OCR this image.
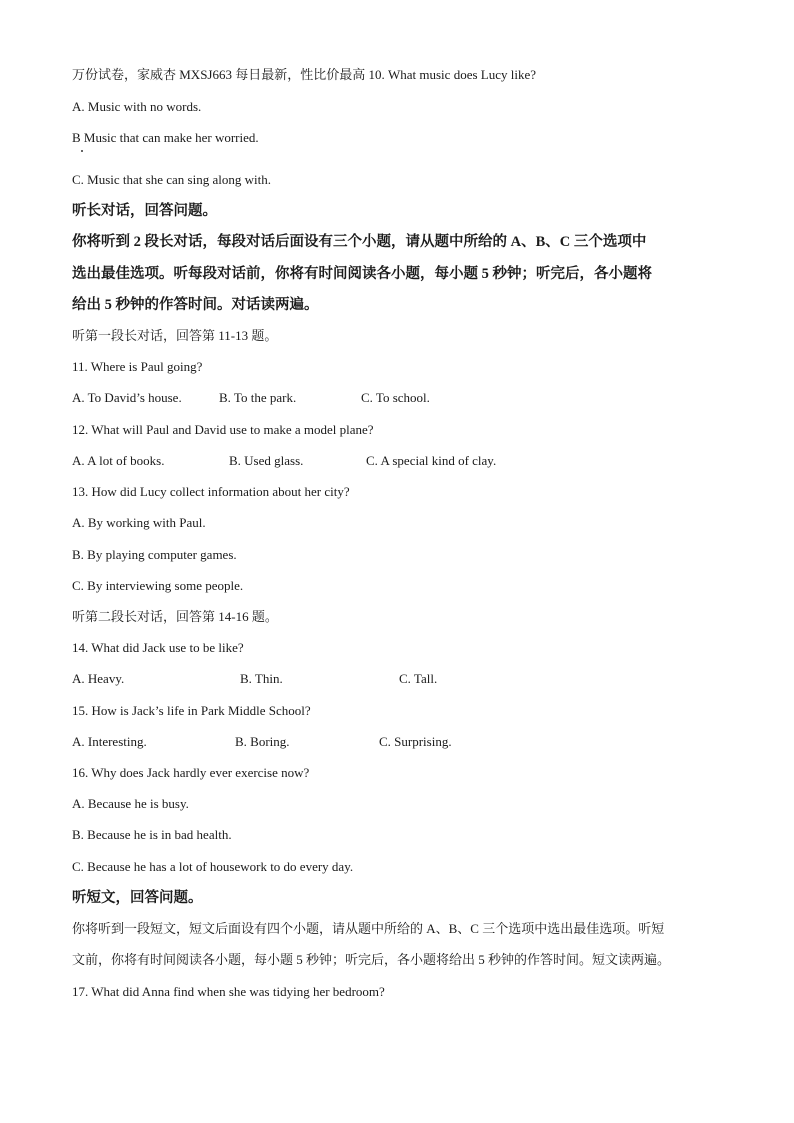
万份试卷，家威杏 MXSJ663 每日最新，性比价最高 10. What music does Lucy like?

A. Music with no words.

B Music that can make her worried.

C. Music that she can sing along with.

听长对话，回答问题。

你将听到 2 段长对话，每段对话后面设有三个小题，请从题中所给的 A、B、C 三个选项中

选出最佳选项。听每段对话前，你将有时间阅读各小题，每小题 5 秒钟；听完后，各小题将

给出 5 秒钟的作答时间。对话读两遍。

听第一段长对话，回答第 11-13 题。

11. Where is Paul going?

A. To David’s house.	B. To the park.	C. To school.

12. What will Paul and David use to make a model plane?

A. A lot of books.	B. Used glass.	C. A special kind of clay.

13. How did Lucy collect information about her city?

A. By working with Paul.

B. By playing computer games.

C. By interviewing some people.

听第二段长对话，回答第 14-16 题。

14. What did Jack use to be like?

A. Heavy.	B. Thin.	C. Tall.

15. How is Jack’s life in Park Middle School?

A. Interesting.	B. Boring.	C. Surprising.

16. Why does Jack hardly ever exercise now?

A. Because he is busy.

B. Because he is in bad health.

C. Because he has a lot of housework to do every day.

听短文，回答问题。

你将听到一段短文，短文后面设有四个小题，请从题中所给的 A、B、C 三个选项中选出最佳选项。听短

文前，你将有时间阅读各小题，每小题 5 秒钟；听完后，各小题将给出 5 秒钟的作答时间。短文读两遍。

17. What did Anna find when she was tidying her bedroom?
